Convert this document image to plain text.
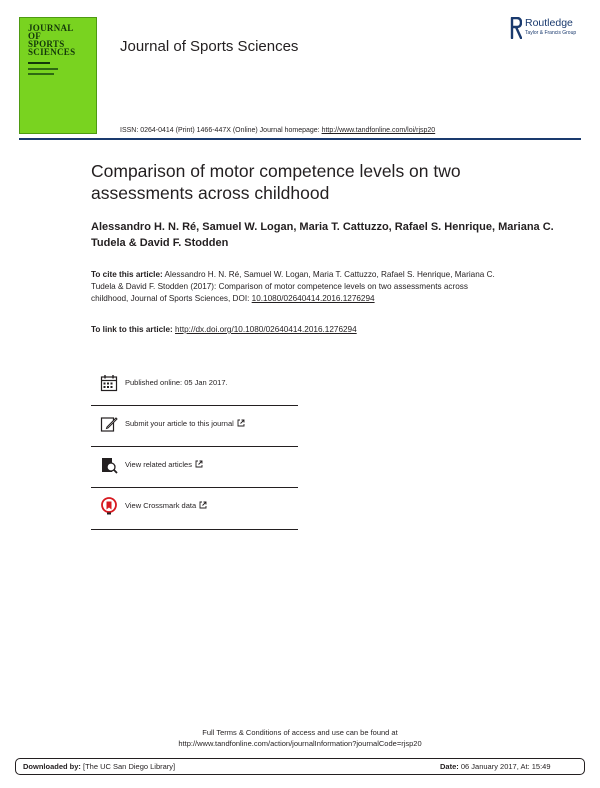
JOURNAL
OF
SPORTS
SCIENCES	Journal of Sports Sciences
Routledge
Taylor & Francis Group
ISSN: 0264-0414 (Print) 1466-447X (Online) Journal homepage: http://www.tandfonline.com/loi/rjsp20
Comparison of motor competence levels on two assessments across childhood
Alessandro H. N. Ré, Samuel W. Logan, Maria T. Cattuzzo, Rafael S. Henrique, Mariana C. Tudela & David F. Stodden
To cite this article: Alessandro H. N. Ré, Samuel W. Logan, Maria T. Cattuzzo, Rafael S. Henrique, Mariana C. Tudela & David F. Stodden (2017): Comparison of motor competence levels on two assessments across childhood, Journal of Sports Sciences, DOI: 10.1080/02640414.2016.1276294
To link to this article: http://dx.doi.org/10.1080/02640414.2016.1276294
Published online: 05 Jan 2017.
Submit your article to this journal
View related articles
View Crossmark data
Full Terms & Conditions of access and use can be found at
http://www.tandfonline.com/action/journalInformation?journalCode=rjsp20
Downloaded by: [The UC San Diego Library]	Date: 06 January 2017, At: 15:49
